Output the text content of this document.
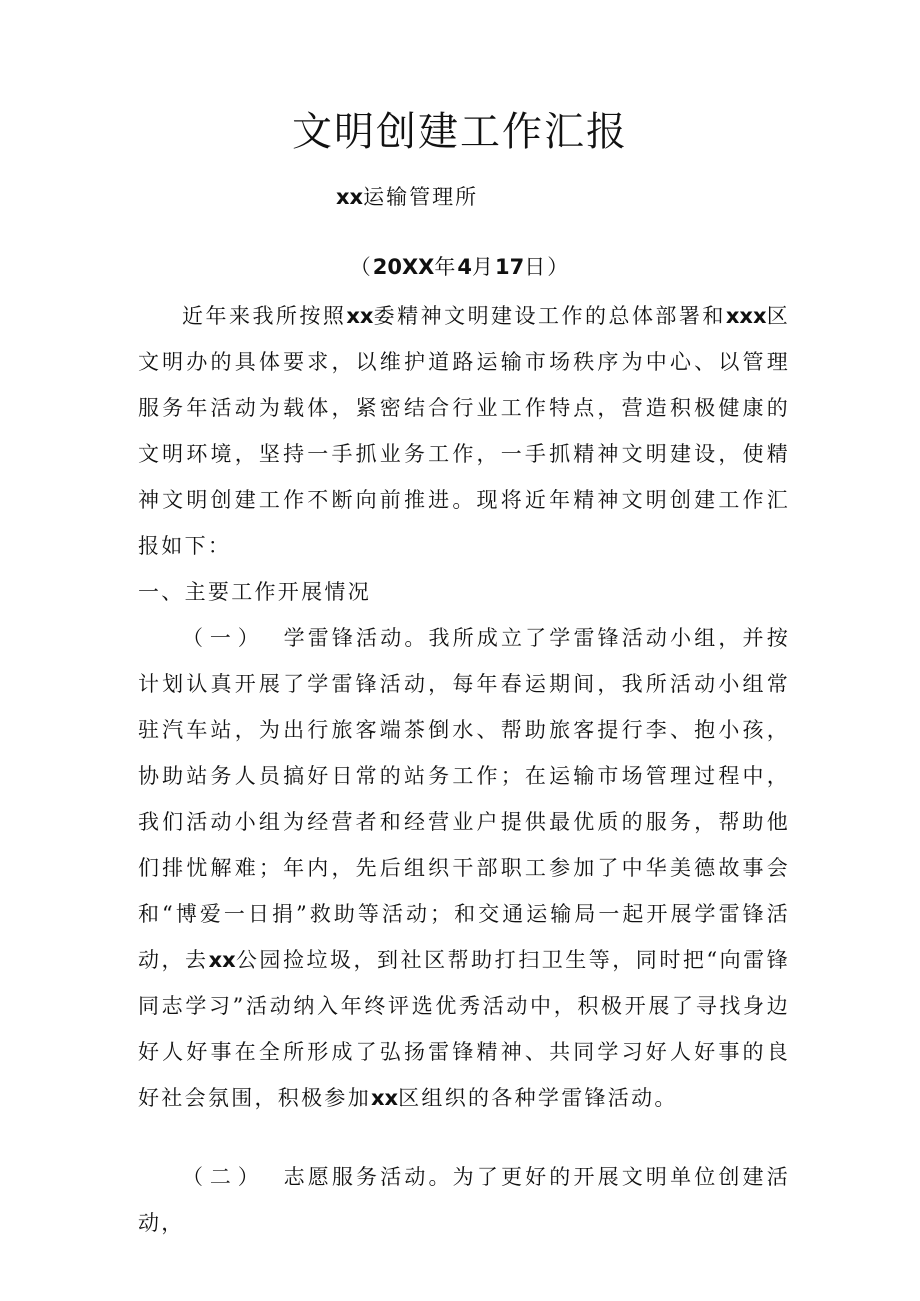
文明创建工作汇报
xx运输管理所
（20XX年4月17日）

近年来我所按照xx委精神文明建设工作的总体部署和xxx区文明办的具体要求，以维护道路运输市场秩序为中心、以管理服务年活动为载体，紧密结合行业工作特点，营造积极健康的文明环境，坚持一手抓业务工作，一手抓精神文明建设，使精神文明创建工作不断向前推进。现将近年精神文明创建工作汇报如下：

一、主要工作开展情况

（一） 学雷锋活动。我所成立了学雷锋活动小组，并按计划认真开展了学雷锋活动，每年春运期间，我所活动小组常驻汽车站，为出行旅客端茶倒水、帮助旅客提行李、抱小孩，协助站务人员搞好日常的站务工作；在运输市场管理过程中，我们活动小组为经营者和经营业户提供最优质的服务，帮助他们排忧解难；年内，先后组织干部职工参加了中华美德故事会和“博爱一日捐”救助等活动；和交通运输局一起开展学雷锋活动，去xx公园捡垃圾，到社区帮助打扫卫生等，同时把“向雷锋同志学习”活动纳入年终评选优秀活动中，积极开展了寻找身边好人好事在全所形成了弘扬雷锋精神、共同学习好人好事的良好社会氛围，积极参加xx区组织的各种学雷锋活动。

（二） 志愿服务活动。为了更好的开展文明单位创建活动，
